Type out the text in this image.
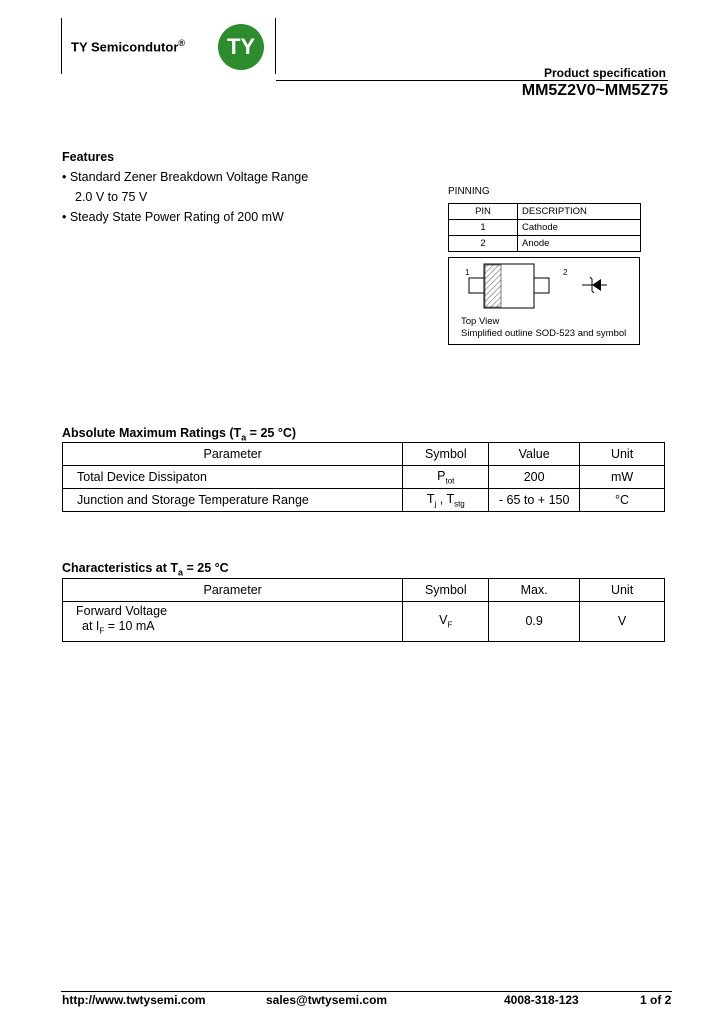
TY Semicondutor® TY
Product specification
MM5Z2V0~MM5Z75
Features
• Standard Zener Breakdown Voltage Range
2.0 V to 75 V
• Steady State Power Rating of 200 mW
PINNING
PIN	DESCRIPTION
1	Cathode
2	Anode
1	2
Top View
Simplified outline SOD-523 and symbol
Absolute Maximum Ratings ($T_a = 25$ °C)
Parameter	Symbol	Value	Unit
Total Device Dissipaton	$P_{tot}$	200	mW
Junction and Storage Temperature Range	$T_j$ , $T_{stg}$	- 65 to + 150	°C
Characteristics at $T_a = 25$ °C
Parameter	Symbol	Max.	Unit

Forward Voltage
at $I_F = 10$ mA	$V_F$	0.9	V
http://www.twtysemi.com	sales@twtysemi.com	4008-318-123	1 of 2
